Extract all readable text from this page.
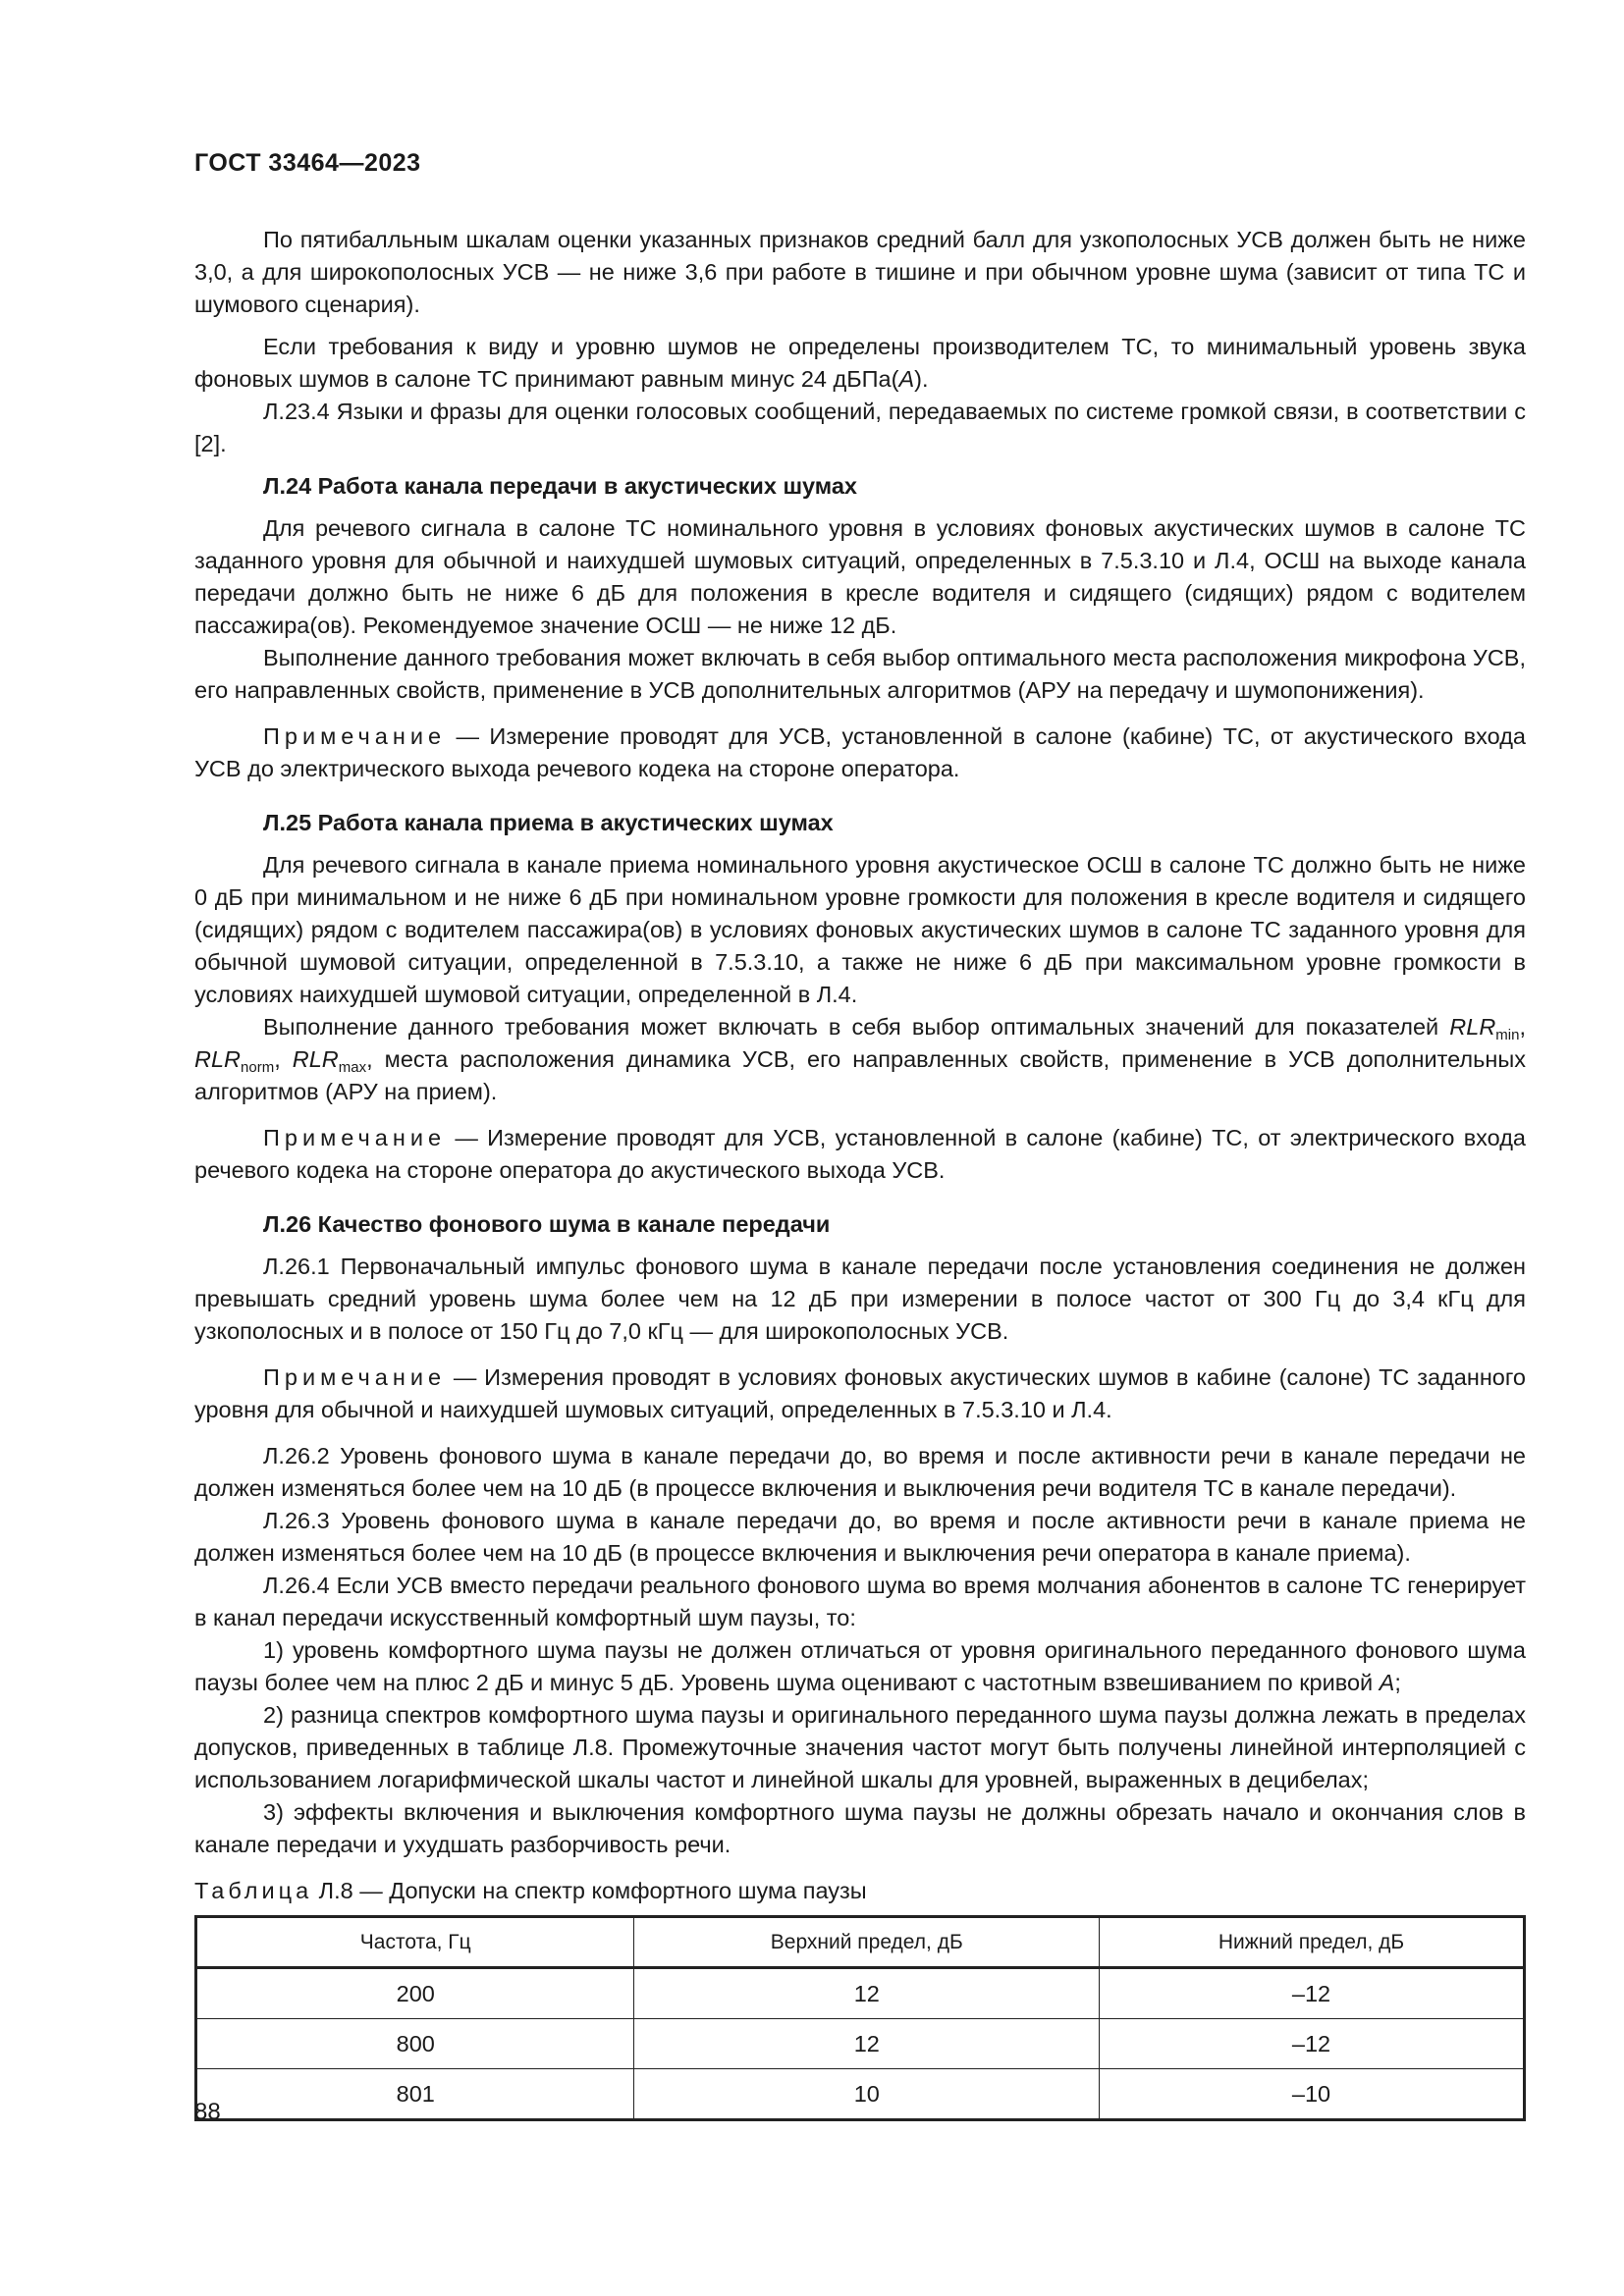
ГОСТ 33464—2023

По пятибалльным шкалам оценки указанных признаков средний балл для узкополосных УСВ должен быть не ниже 3,0, а для широкополосных УСВ — не ниже 3,6 при работе в тишине и при обычном уровне шума (зависит от типа ТС и шумового сценария).

Если требования к виду и уровню шумов не определены производителем ТС, то минимальный уровень звука фоновых шумов в салоне ТС принимают равным минус 24 дБПа(A).

Л.23.4 Языки и фразы для оценки голосовых сообщений, передаваемых по системе громкой связи, в соответствии с [2].

Л.24 Работа канала передачи в акустических шумах

Для речевого сигнала в салоне ТС номинального уровня в условиях фоновых акустических шумов в салоне ТС заданного уровня для обычной и наихудшей шумовых ситуаций, определенных в 7.5.3.10 и Л.4, ОСШ на выходе канала передачи должно быть не ниже 6 дБ для положения в кресле водителя и сидящего (сидящих) рядом с водителем пассажира(ов). Рекомендуемое значение ОСШ — не ниже 12 дБ.

Выполнение данного требования может включать в себя выбор оптимального места расположения микрофона УСВ, его направленных свойств, применение в УСВ дополнительных алгоритмов (АРУ на передачу и шумопонижения).

Примечание — Измерение проводят для УСВ, установленной в салоне (кабине) ТС, от акустического входа УСВ до электрического выхода речевого кодека на стороне оператора.

Л.25 Работа канала приема в акустических шумах

Для речевого сигнала в канале приема номинального уровня акустическое ОСШ в салоне ТС должно быть не ниже 0 дБ при минимальном и не ниже 6 дБ при номинальном уровне громкости для положения в кресле водителя и сидящего (сидящих) рядом с водителем пассажира(ов) в условиях фоновых акустических шумов в салоне ТС заданного уровня для обычной шумовой ситуации, определенной в 7.5.3.10, а также не ниже 6 дБ при максимальном уровне громкости в условиях наихудшей шумовой ситуации, определенной в Л.4.

Выполнение данного требования может включать в себя выбор оптимальных значений для показателей $RLR_{min}$, $RLR_{norm}$, $RLR_{max}$, места расположения динамика УСВ, его направленных свойств, применение в УСВ дополнительных алгоритмов (АРУ на прием).

Примечание — Измерение проводят для УСВ, установленной в салоне (кабине) ТС, от электрического входа речевого кодека на стороне оператора до акустического выхода УСВ.

Л.26 Качество фонового шума в канале передачи

Л.26.1 Первоначальный импульс фонового шума в канале передачи после установления соединения не должен превышать средний уровень шума более чем на 12 дБ при измерении в полосе частот от 300 Гц до 3,4 кГц для узкополосных и в полосе от 150 Гц до 7,0 кГц — для широкополосных УСВ.

Примечание — Измерения проводят в условиях фоновых акустических шумов в кабине (салоне) ТС заданного уровня для обычной и наихудшей шумовых ситуаций, определенных в 7.5.3.10 и Л.4.

Л.26.2 Уровень фонового шума в канале передачи до, во время и после активности речи в канале передачи не должен изменяться более чем на 10 дБ (в процессе включения и выключения речи водителя ТС в канале передачи).

Л.26.3 Уровень фонового шума в канале передачи до, во время и после активности речи в канале приема не должен изменяться более чем на 10 дБ (в процессе включения и выключения речи оператора в канале приема).

Л.26.4 Если УСВ вместо передачи реального фонового шума во время молчания абонентов в салоне ТС генерирует в канал передачи искусственный комфортный шум паузы, то:

1) уровень комфортного шума паузы не должен отличаться от уровня оригинального переданного фонового шума паузы более чем на плюс 2 дБ и минус 5 дБ. Уровень шума оценивают с частотным взвешиванием по кривой A;

2) разница спектров комфортного шума паузы и оригинального переданного шума паузы должна лежать в пределах допусков, приведенных в таблице Л.8. Промежуточные значения частот могут быть получены линейной интерполяцией с использованием логарифмической шкалы частот и линейной шкалы для уровней, выраженных в децибелах;

3) эффекты включения и выключения комфортного шума паузы не должны обрезать начало и окончания слов в канале передачи и ухудшать разборчивость речи.

Таблица Л.8 — Допуски на спектр комфортного шума паузы

Частота, Гц	Верхний предел, дБ	Нижний предел, дБ
200	12	–12
800	12	–12
801	10	–10
88
